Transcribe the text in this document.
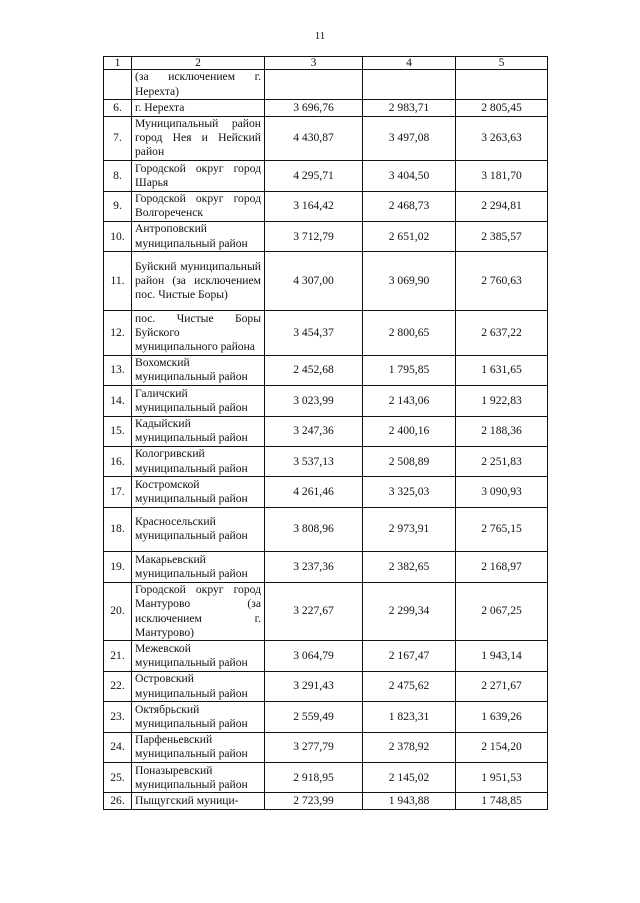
11
1	2	3	4	5
	(за исключением г. Нерехта)			
6.	г. Нерехта	3 696,76	2 983,71	2 805,45
7.	Муниципальный район город Нея и Нейский район	4 430,87	3 497,08	3 263,63
8.	Городской округ город Шарья	4 295,71	3 404,50	3 181,70
9.	Городской округ город Волгореченск	3 164,42	2 468,73	2 294,81
10.	Антроповский муниципальный район	3 712,79	2 651,02	2 385,57
11.	Буйский муниципальный район (за исключением пос. Чистые Боры)	4 307,00	3 069,90	2 760,63
12.	пос. Чистые Боры Буйского муниципального района	3 454,37	2 800,65	2 637,22
13.	Вохомский муниципальный район	2 452,68	1 795,85	1 631,65
14.	Галичский муниципальный район	3 023,99	2 143,06	1 922,83
15.	Кадыйский муниципальный район	3 247,36	2 400,16	2 188,36
16.	Кологривский муниципальный район	3 537,13	2 508,89	2 251,83
17.	Костромской муниципальный район	4 261,46	3 325,03	3 090,93
18.	Красносельский муниципальный район	3 808,96	2 973,91	2 765,15
19.	Макарьевский муниципальный район	3 237,36	2 382,65	2 168,97
20.	Городской округ город Мантурово (за исключением г. Мантурово)	3 227,67	2 299,34	2 067,25
21.	Межевской муниципальный район	3 064,79	2 167,47	1 943,14
22.	Островский муниципальный район	3 291,43	2 475,62	2 271,67
23.	Октябрьский муниципальный район	2 559,49	1 823,31	1 639,26
24.	Парфеньевский муниципальный район	3 277,79	2 378,92	2 154,20
25.	Поназыревский муниципальный район	2 918,95	2 145,02	1 951,53
26.	Пыщугский муници-	2 723,99	1 943,88	1 748,85
